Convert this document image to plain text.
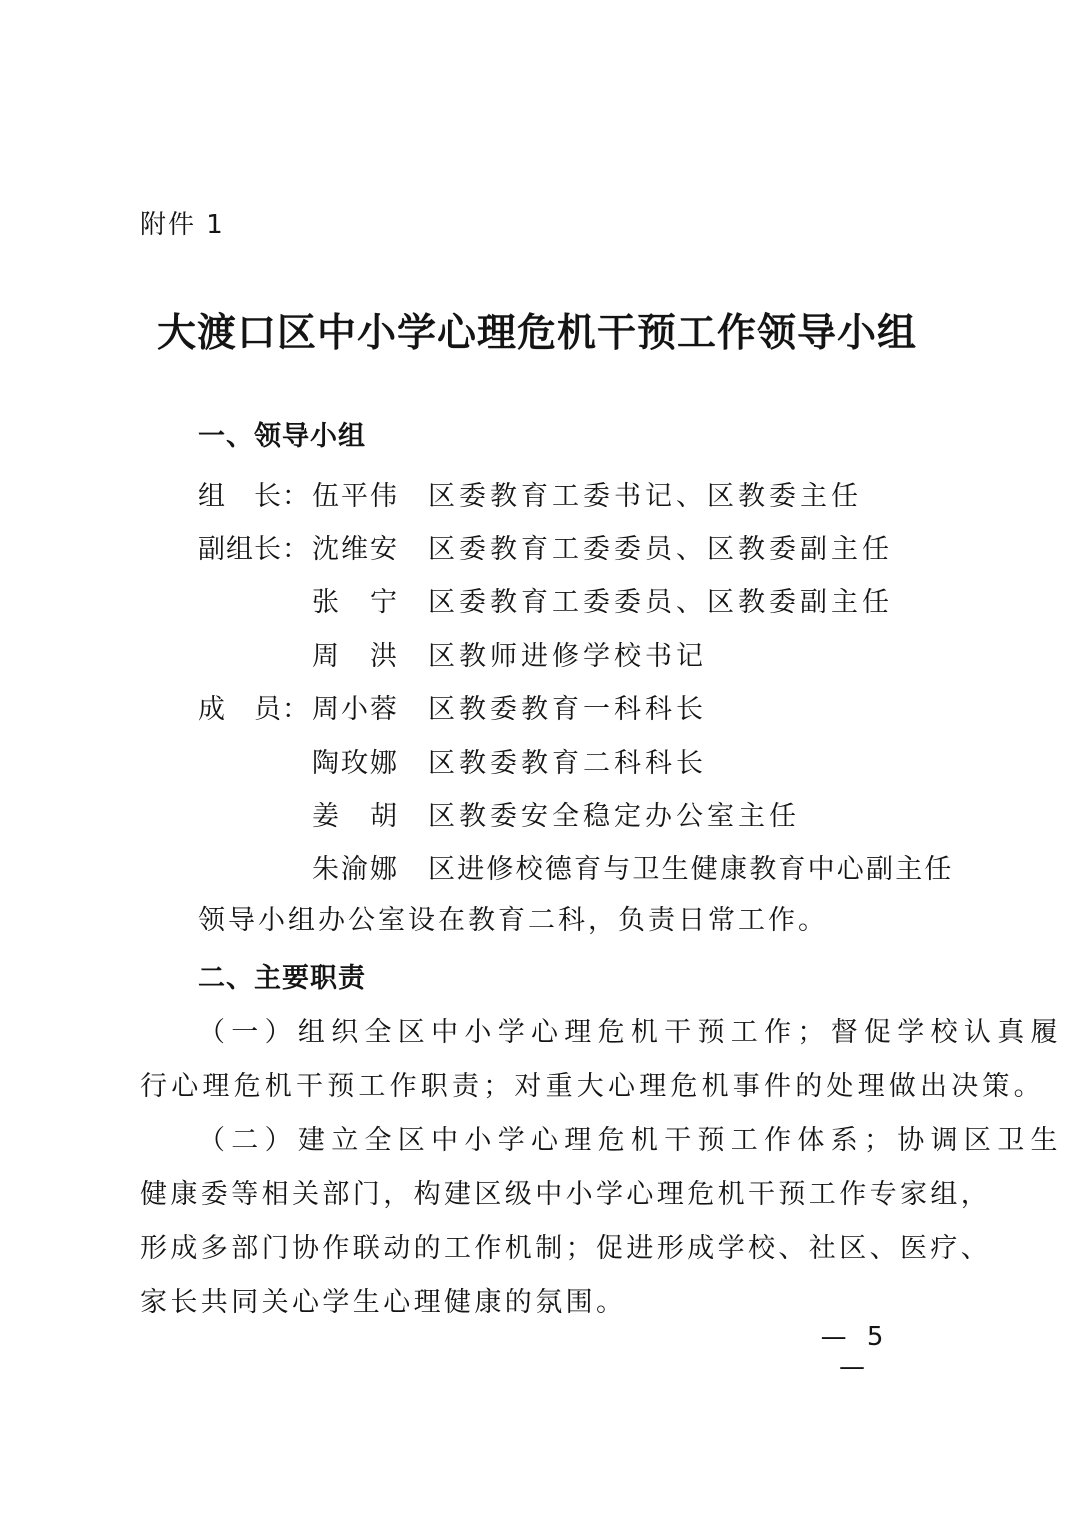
附件 1
大渡口区中小学心理危机干预工作领导小组
一、领导小组
组　长： 伍平伟 区委教育工委书记、区教委主任
副组长： 沈维安 区委教育工委委员、区教委副主任
张　宁 区委教育工委委员、区教委副主任
周　洪 区教师进修学校书记
成　员： 周小蓉 区教委教育一科科长
陶玫娜 区教委教育二科科长
姜　胡 区教委安全稳定办公室主任
朱渝娜 区进修校德育与卫生健康教育中心副主任
领导小组办公室设在教育二科，负责日常工作。
二、主要职责
（一）组织全区中小学心理危机干预工作；督促学校认真履
行心理危机干预工作职责；对重大心理危机事件的处理做出决策。
（二）建立全区中小学心理危机干预工作体系；协调区卫生
健康委等相关部门，构建区级中小学心理危机干预工作专家组，
形成多部门协作联动的工作机制；促进形成学校、社区、医疗、
家长共同关心学生心理健康的氛围。
— 5 —
